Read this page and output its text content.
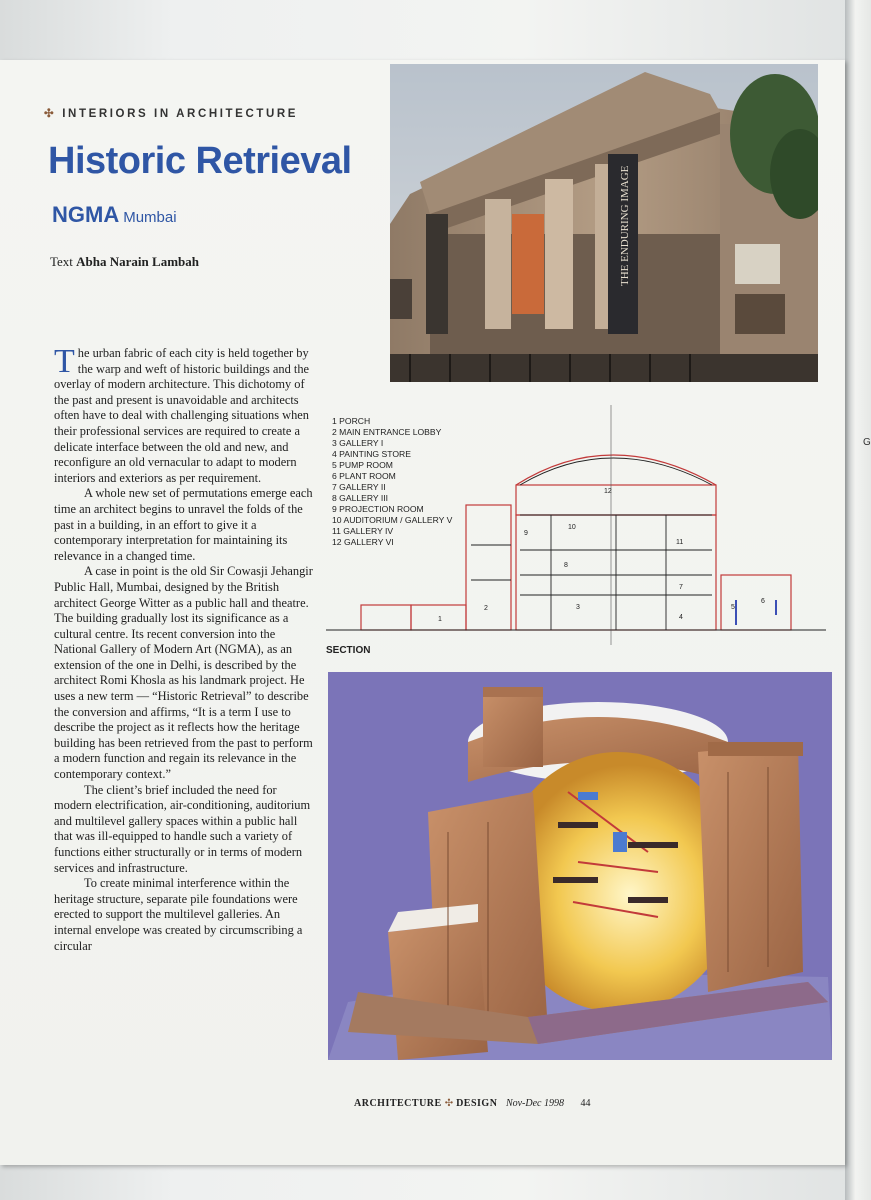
G
✣ INTERIORS IN ARCHITECTURE
Historic Retrieval
NGMA Mumbai
Text Abha Narain Lambah

The urban fabric of each city is held together by the warp and weft of historic buildings and the overlay of modern architecture. This dichotomy of the past and present is unavoidable and architects often have to deal with challenging situations when their professional services are required to create a delicate interface between the old and new, and reconfigure an old vernacular to adapt to modern interiors and exteriors as per requirement.

A whole new set of permutations emerge each time an architect begins to unravel the folds of the past in a building, in an effort to give it a contemporary interpretation for maintaining its relevance in a changed time.

A case in point is the old Sir Cowasji Jehangir Public Hall, Mumbai, designed by the British architect George Witter as a public hall and theatre. The building gradually lost its significance as a cultural centre. Its recent conversion into the National Gallery of Modern Art (NGMA), as an extension of the one in Delhi, is described by the architect Romi Khosla as his landmark project. He uses a new term — “Historic Retrieval” to describe the conversion and affirms, “It is a term I use to describe the project as it reflects how the heritage building has been retrieved from the past to perform a modern function and regain its relevance in the contemporary context.”

The client’s brief included the need for modern electrification, air-conditioning, auditorium and multilevel gallery spaces within a public hall that was ill-equipped to handle such a variety of functions either structurally or in terms of modern services and infrastructure.

To create minimal interference within the heritage structure, separate pile foundations were erected to support the multilevel galleries. An internal envelope was created by circumscribing a circular

THE ENDURING IMAGE
1
2	3
4
5
6
7
8
9
10
11
12
1 PORCH
2 MAIN ENTRANCE LOBBY
3 GALLERY I
4 PAINTING STORE
5 PUMP ROOM
6 PLANT ROOM
7 GALLERY II
8 GALLERY III
9 PROJECTION ROOM
10 AUDITORIUM / GALLERY V
11 GALLERY IV
12 GALLERY VI
SECTION
ARCHITECTURE ✣ DESIGN Nov-Dec 1998 44
